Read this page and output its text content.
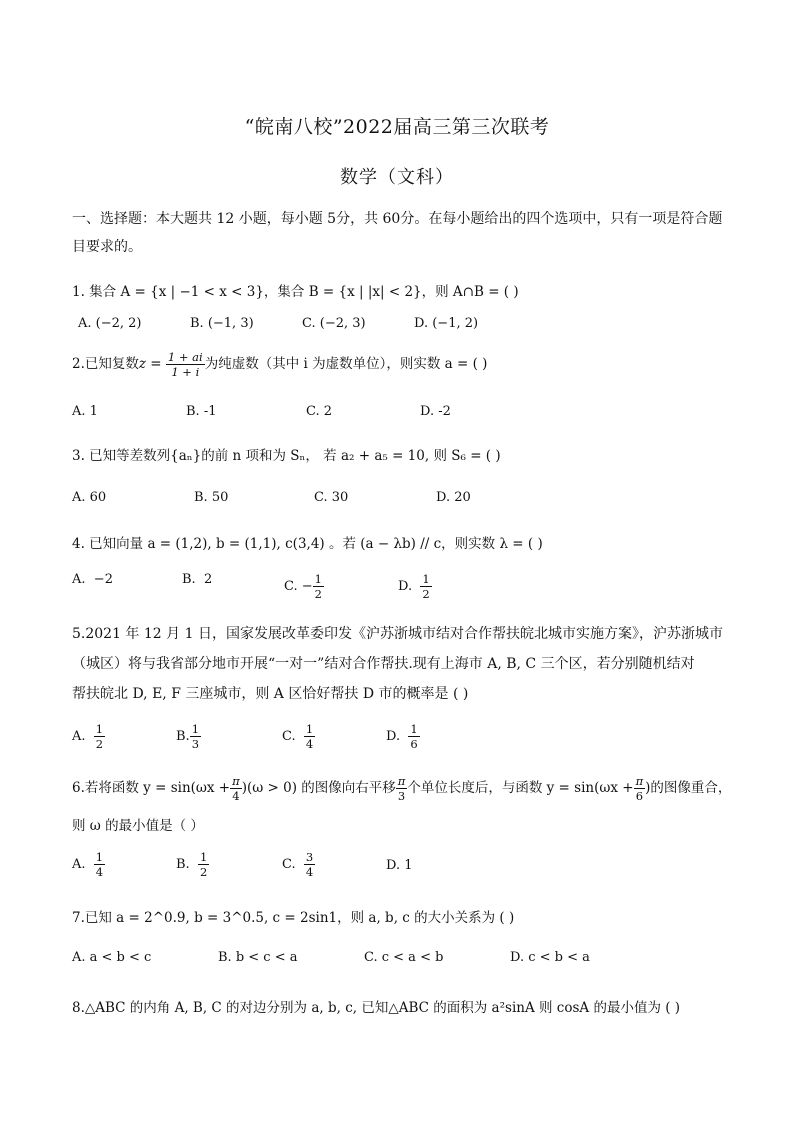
“皖南八校”2022届高三第三次联考
数学（文科）
一、选择题：本大题共 12 小题，每小题 5分，共 60分。在每小题给出的四个选项中，只有一项是符合题
目要求的。
1. 集合 A = {x | −1 < x < 3}，集合 B = {x | |x| < 2}，则 A∩B = ( )
A. (−2, 2)	B. (−1, 3)	C. (−2, 3)	D. (−1, 2)
2.已知复数$z = \frac{1 + ai}{1 + i}$ 为纯虚数（其中 i 为虚数单位），则实数 a = ( )
A. 1	B. -1	C. 2	D. -2
3. 已知等差数列{aₙ}的前 n 项和为 Sₙ， 若 a₂ + a₅ = 10, 则 S₆ = ( )
A. 60	B. 50	C. 30	D. 20
4. 已知向量 a = (1,2), b = (1,1), c(3,4) 。若 (a − λb) // c，则实数 λ = ( )
A. −2	B. 2	C. − $\frac{1}{2}$	D. $\frac{1}{2}$
5.2021 年 12 月 1 日，国家发展改革委印发《沪苏浙城市结对合作帮扶皖北城市实施方案》，沪苏浙城市
（城区）将与我省部分地市开展“一对一”结对合作帮扶.现有上海市 A, B, C 三个区，若分别随机结对
帮扶皖北 D, E, F 三座城市，则 A 区恰好帮扶 D 市的概率是 ( )
A. $\frac{1}{2}$	B. $\frac{1}{3}$	C. $\frac{1}{4}$	D. $\frac{1}{6}$
6.若将函数 $y = \sin(\omega x + \frac{\pi}{4} )(\omega > 0)$ 的图像向右平移 $\frac{\pi}{3}$ 个单位长度后，与函数 $y = \sin(\omega x + \frac{\pi}{6}$ )的图像重合，
则 ω 的最小值是（ ）
A. $\frac{1}{4}$	B. $\frac{1}{2}$	C. $\frac{3}{4}$	D. 1
7.已知 a = 2^0.9, b = 3^0.5, c = 2sin1，则 a, b, c 的大小关系为 ( )
A. a < b < c	B. b < c < a	C. c < a < b	D. c < b < a
8.△ABC 的内角 A, B, C 的对边分别为 a, b, c, 已知△ABC 的面积为 a²sinA 则 cosA 的最小值为 ( )
